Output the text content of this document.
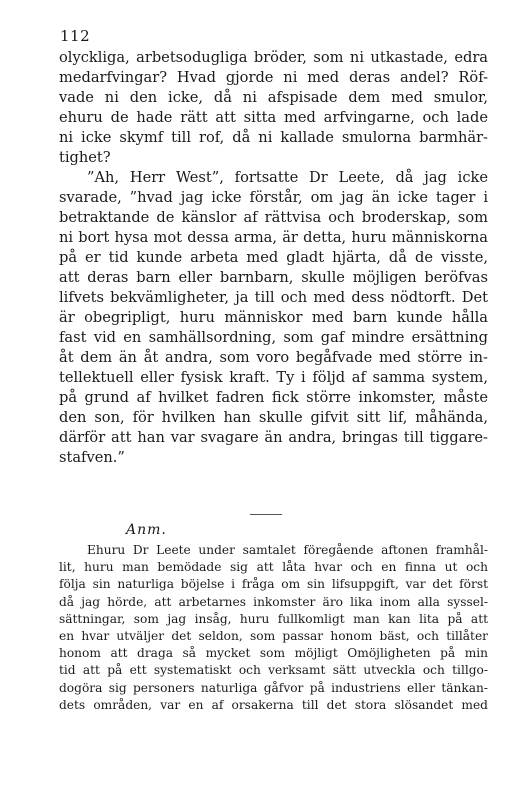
112
olyckliga, arbetsodugliga bröder, som ni utkastade, edra
medarfvingar? Hvad gjorde ni med deras andel? Röf-
vade ni den icke, då ni afspisade dem med smulor,
ehuru de hade rätt att sitta med arfvingarne, och lade
ni icke skymf till rof, då ni kallade smulorna barmhär-
tighet?
”Ah, Herr West”, fortsatte Dr Leete, då jag icke
svarade, ”hvad jag icke förstår, om jag än icke tager i
betraktande de känslor af rättvisa och broderskap, som
ni bort hysa mot dessa arma, är detta, huru människorna
på er tid kunde arbeta med gladt hjärta, då de visste,
att deras barn eller barnbarn, skulle möjligen beröfvas
lifvets bekvämligheter, ja till och med dess nödtorft. Det
är obegripligt, huru människor med barn kunde hålla
fast vid en samhällsordning, som gaf mindre ersättning
åt dem än åt andra, som voro begåfvade med större in-
tellektuell eller fysisk kraft. Ty i följd af samma system,
på grund af hvilket fadren fick större inkomster, måste
den son, för hvilken han skulle gifvit sitt lif, måhända,
därför att han var svagare än andra, bringas till tiggare-
stafven.”
Anm.
Ehuru Dr Leete under samtalet föregående aftonen framhål-
lit, huru man bemödade sig att låta hvar och en finna ut och
följa sin naturliga böjelse i fråga om sin lifsuppgift, var det först
då jag hörde, att arbetarnes inkomster äro lika inom alla syssel-
sättningar, som jag insåg, huru fullkomligt man kan lita på att
en hvar utväljer det seldon, som passar honom bäst, och tillåter
honom att draga så mycket som möjligt Omöjligheten på min
tid att på ett systematiskt och verksamt sätt utveckla och tillgo-
dogöra sig personers naturliga gåfvor på industriens eller tänkan-
dets områden, var en af orsakerna till det stora slösandet med
